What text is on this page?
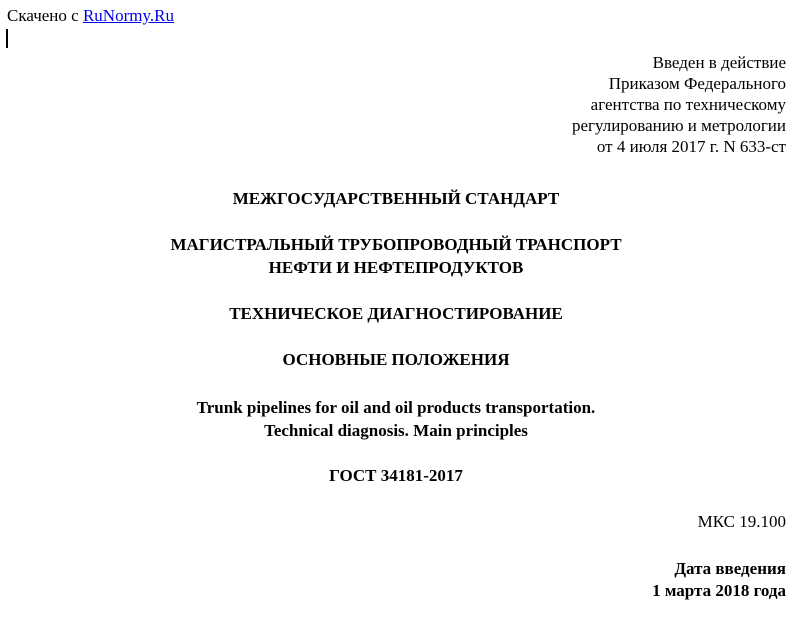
Скачено с RuNormy.Ru
Введен в действие
Приказом Федерального
агентства по техническому
регулированию и метрологии
от 4 июля 2017 г. N 633-ст
МЕЖГОСУДАРСТВЕННЫЙ СТАНДАРТ
МАГИСТРАЛЬНЫЙ ТРУБОПРОВОДНЫЙ ТРАНСПОРТ
НЕФТИ И НЕФТЕПРОДУКТОВ
ТЕХНИЧЕСКОЕ ДИАГНОСТИРОВАНИЕ
ОСНОВНЫЕ ПОЛОЖЕНИЯ
Trunk pipelines for oil and oil products transportation.
Technical diagnosis. Main principles
ГОСТ 34181-2017
МКС 19.100
Дата введения
1 марта 2018 года
